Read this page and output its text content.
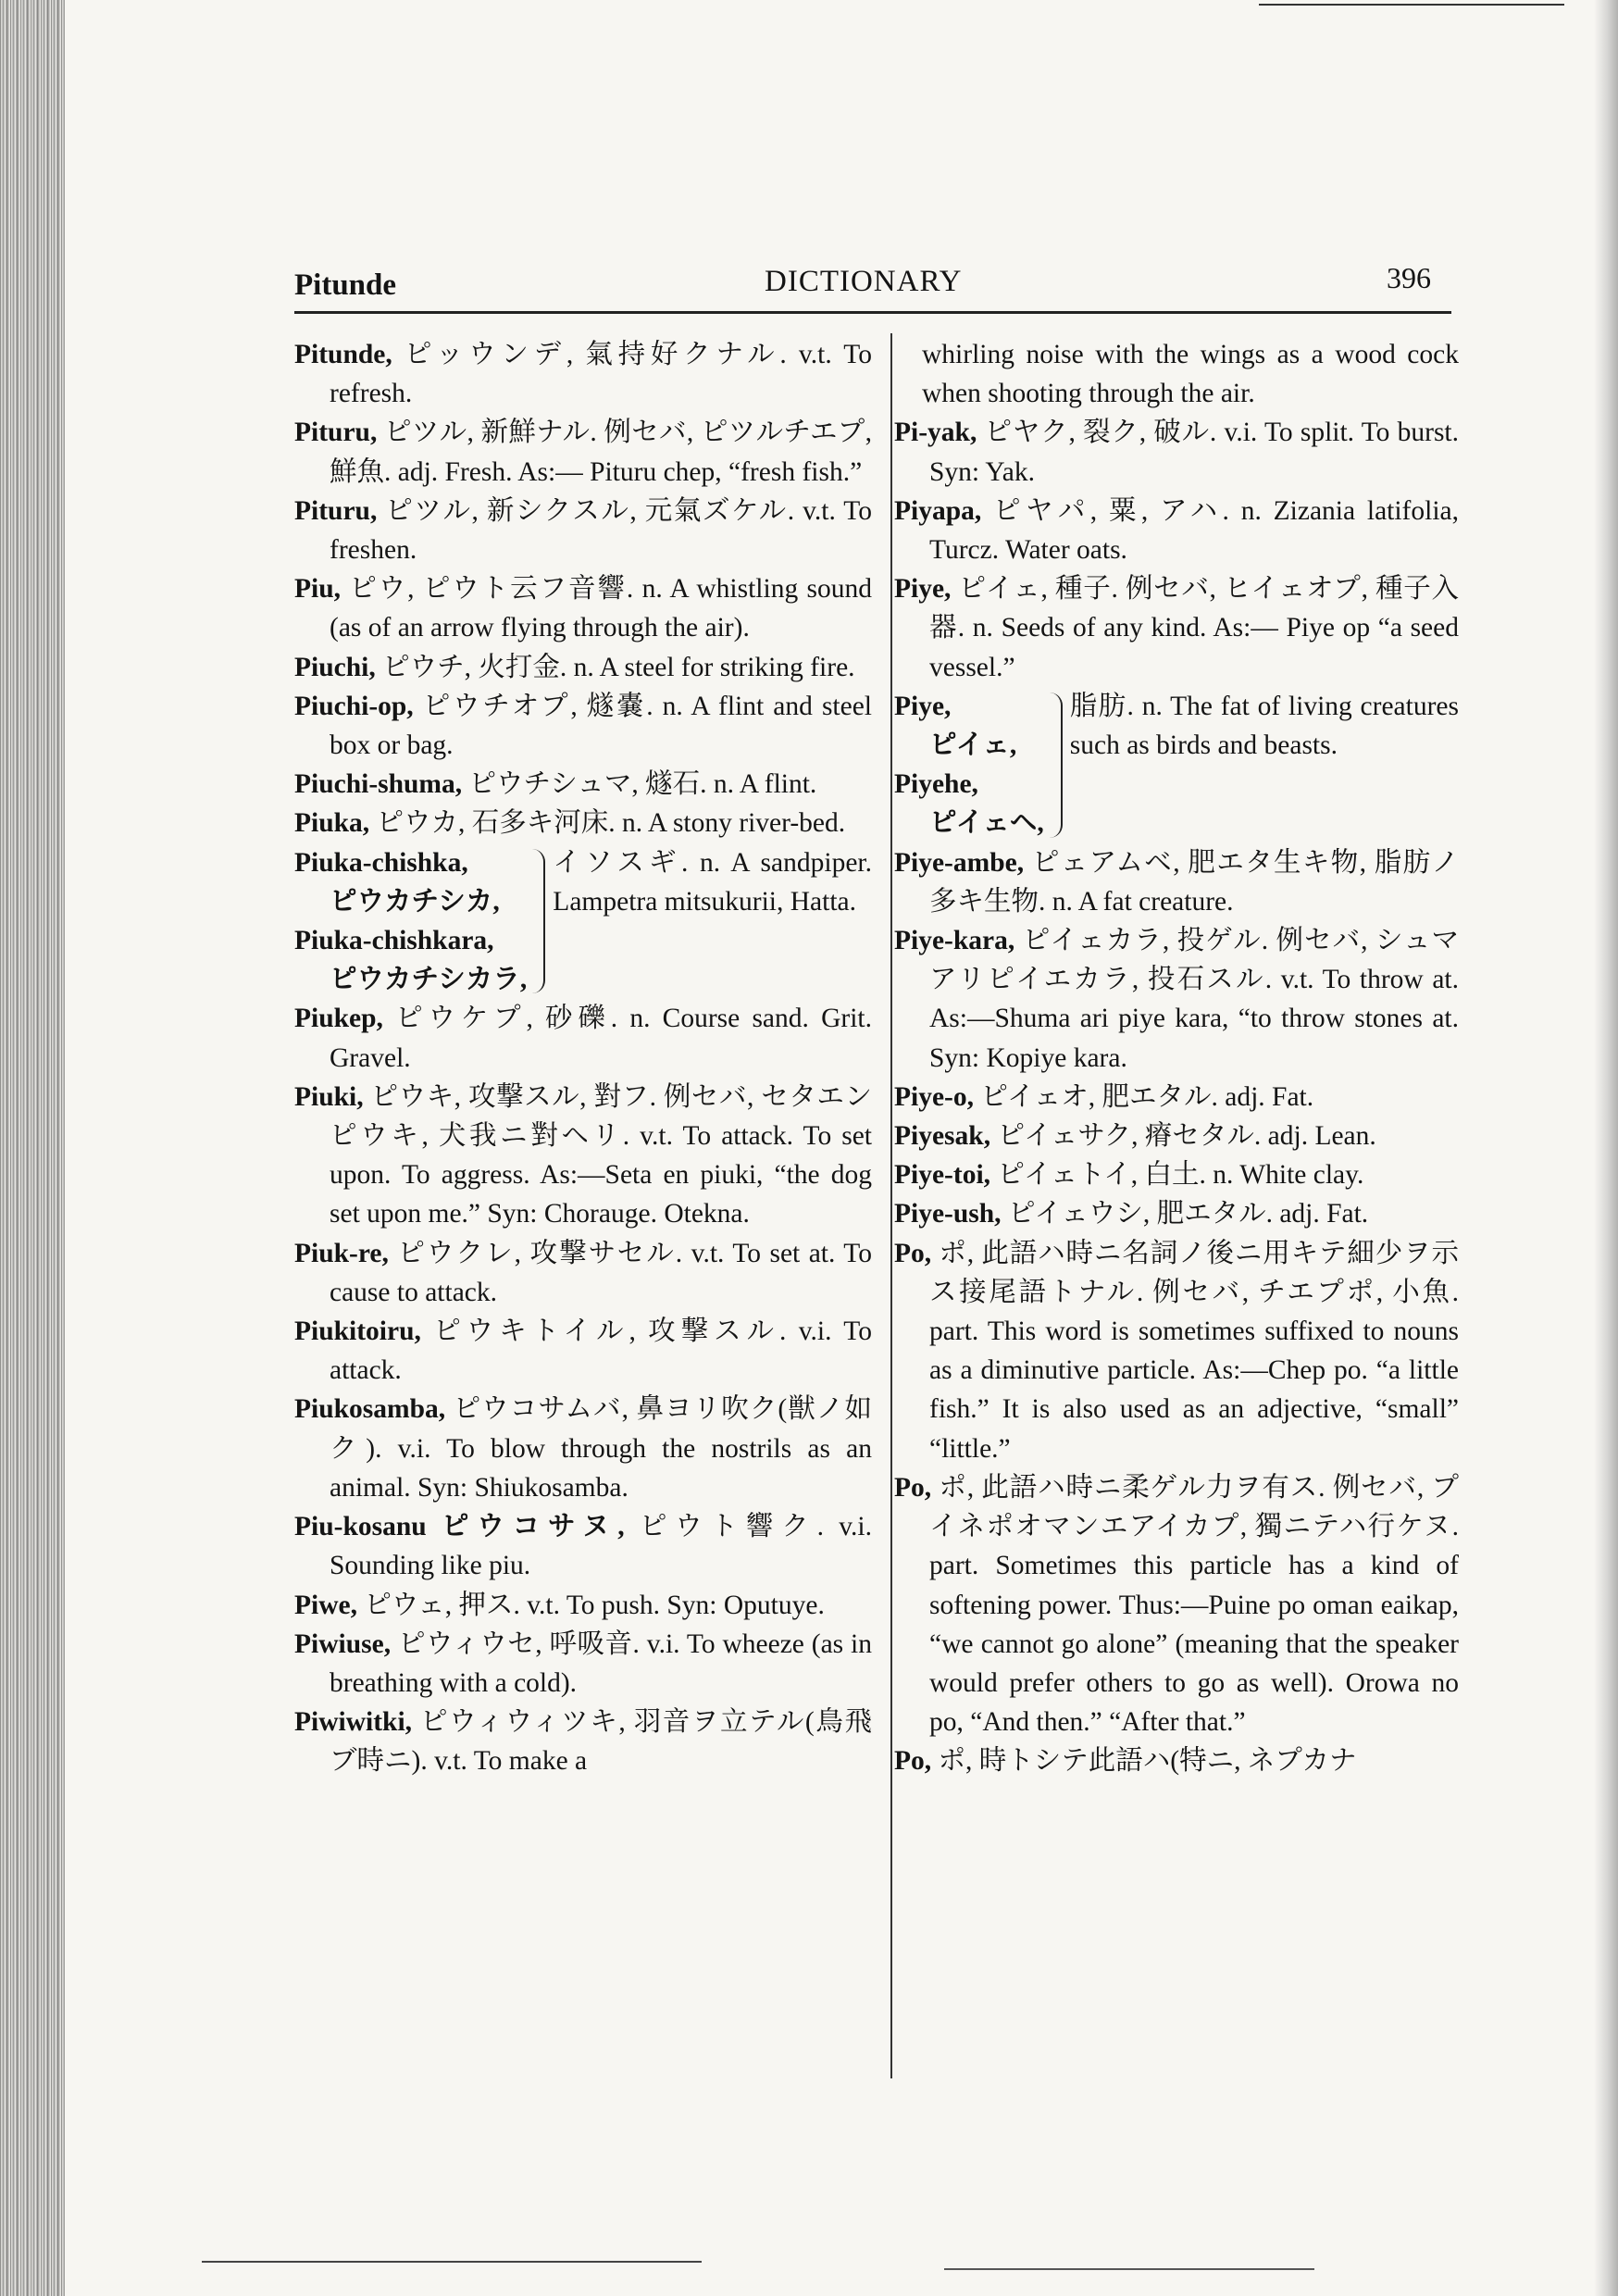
Pitunde	DICTIONARY	396

Pitunde, ピッウンデ, 氣持好クナル. v.t. To refresh.

Pituru, ピツル, 新鮮ナル. 例セバ, ピツルチエプ, 鮮魚. adj. Fresh. As:— Pituru chep, “fresh fish.”

Pituru, ピツル, 新シクスル, 元氣ズケル. v.t. To freshen.

Piu, ピウ, ピウト云フ音響. n. A whistling sound (as of an arrow flying through the air).

Piuchi, ピウチ, 火打金. n. A steel for striking fire.

Piuchi-op, ピウチオプ, 燧嚢. n. A flint and steel box or bag.

Piuchi-shuma, ピウチシュマ, 燧石. n. A flint.

Piuka, ピウカ, 石多キ河床. n. A stony river-bed.

Piuka-chishka,
ピウカチシカ,
Piuka-chishkara,
ピウカチシカラ,
イソスギ. n. A sandpiper. Lampetra mitsukurii, Hatta.

Piukep, ピウケプ, 砂礫. n. Course sand. Grit. Gravel.

Piuki, ピウキ, 攻撃スル, 對フ. 例セバ, セタエンピウキ, 犬我ニ對ヘリ. v.t. To attack. To set upon. To aggress. As:—Seta en piuki, “the dog set upon me.” Syn: Chorauge. Otekna.

Piuk-re, ピウクレ, 攻撃サセル. v.t. To set at. To cause to attack.

Piukitoiru, ピウキトイル, 攻撃スル. v.i. To attack.

Piukosamba, ピウコサムバ, 鼻ヨリ吹ク(獣ノ如ク). v.i. To blow through the nostrils as an animal. Syn: Shiukosamba.

Piu-kosanu ピウコサヌ, ピウト響ク. v.i. Sounding like piu.

Piwe, ピウェ, 押ス. v.t. To push. Syn: Oputuye.

Piwiuse, ピウィウセ, 呼吸音. v.i. To wheeze (as in breathing with a cold).

Piwiwitki, ピウィウィツキ, 羽音ヲ立テル(鳥飛ブ時ニ). v.t. To make a

whirling noise with the wings as a wood cock when shooting through the air.

Pi-yak, ピヤク, 裂ク, 破ル. v.i. To split. To burst. Syn: Yak.

Piyapa, ピヤパ, 粟, アハ. n. Zizania latifolia, Turcz. Water oats.

Piye, ピイェ, 種子. 例セバ, ヒイェオプ, 種子入器. n. Seeds of any kind. As:— Piye op “a seed vessel.”

Piye,
ピイェ,
Piyehe,
ピイェヘ,
脂肪. n. The fat of living creatures such as birds and beasts.

Piye-ambe, ピェアムベ, 肥エタ生キ物, 脂肪ノ多キ生物. n. A fat creature.

Piye-kara, ピイェカラ, 投ゲル. 例セバ, シュマアリピイエカラ, 投石スル. v.t. To throw at. As:—Shuma ari piye kara, “to throw stones at. Syn: Kopiye kara.

Piye-o, ピイェオ, 肥エタル. adj. Fat.

Piyesak, ピイェサク, 瘠セタル. adj. Lean.

Piye-toi, ピイェトイ, 白土. n. White clay.

Piye-ush, ピイェウシ, 肥エタル. adj. Fat.

Po, ポ, 此語ハ時ニ名詞ノ後ニ用キテ細少ヲ示ス接尾語トナル. 例セバ, チエプポ, 小魚. part. This word is sometimes suffixed to nouns as a diminutive particle. As:—Chep po. “a little fish.” It is also used as an adjective, “small” “little.”

Po, ポ, 此語ハ時ニ柔ゲル力ヲ有ス. 例セバ, プイネポオマンエアイカプ, 獨ニテハ行ケヌ. part. Sometimes this particle has a kind of softening power. Thus:—Puine po oman eaikap, “we cannot go alone” (meaning that the speaker would prefer others to go as well). Orowa no po, “And then.” “After that.”

Po, ポ, 時トシテ此語ハ(特ニ, ネプカナ
